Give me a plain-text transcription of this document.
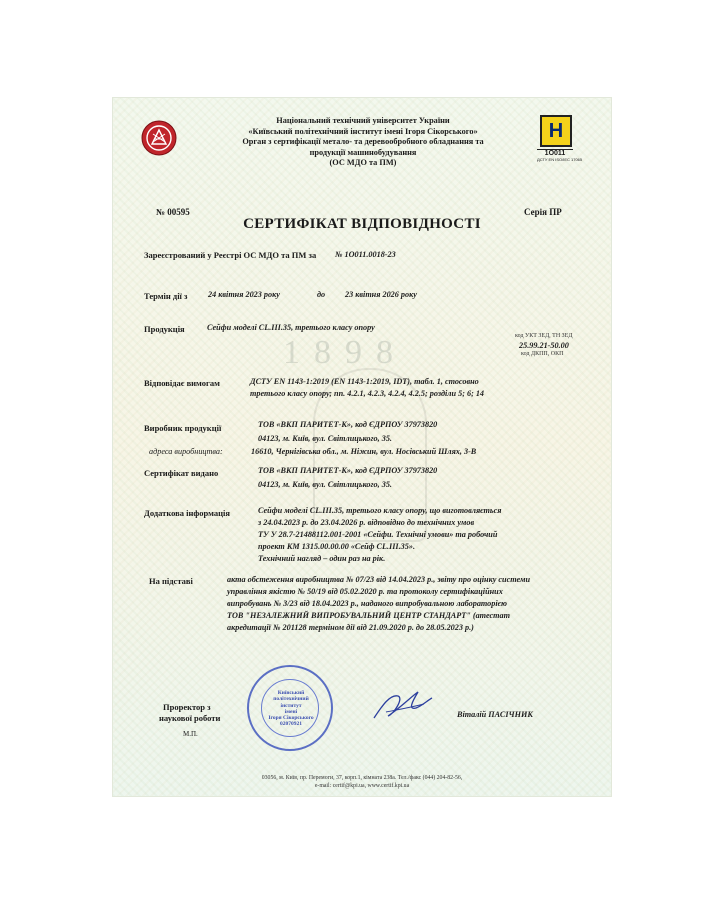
1898
Національний технічний університет України
«Київський політехнічний інститут імені Ігоря Сікорського»
Орган з сертифікації метало- та деревообробного обладнання та
продукції машинобудування
(ОС МДО та ПМ)
Н
1О011
ДСТУ EN ISO/IEC 17065
№ 00595	Серія ПР
СЕРТИФІКАТ ВІДПОВІДНОСТІ
Зареєстрований у Реєстрі ОС МДО та ПМ за № 1О011.0018-23
Термін дії з	24 квітня 2023 року	до 23 квітня 2026 року
Продукція	Сейфи моделі CL.III.35, третього класу опору
код УКТ ЗЕД, ТН ЗЕД
25.99.21-50.00
код ДКПП, ОКП
Відповідає вимогам	ДСТУ EN 1143-1:2019 (EN 1143-1:2019, IDT), табл. 1, стосовно
третього класу опору; пп. 4.2.1, 4.2.3, 4.2.4, 4.2.5; розділи 5; 6; 14
Виробник продукції	ТОВ «ВКП ПАРИТЕТ-К», код ЄДРПОУ 37973820
04123, м. Київ, вул. Світлицького, 35.
адреса виробництва:	16610, Чернігівська обл., м. Ніжин, вул. Носівський Шлях, 3-В
Сертифікат видано	ТОВ «ВКП ПАРИТЕТ-К», код ЄДРПОУ 37973820
04123, м. Київ, вул. Світлицького, 35.
Додаткова інформація	Сейфи моделі CL.III.35, третього класу опору, що виготовляється
з 24.04.2023 р. до 23.04.2026 р. відповідно до технічних умов
ТУ У 28.7-21488112.001-2001 «Сейфи. Технічні умови» та робочий
проект КМ 1315.00.00.00 «Сейф CL.III.35».
Технічний нагляд – один раз на рік.
На підставі	акта обстеження виробництва № 07/23 від 14.04.2023 р., звіту про оцінку системи
управління якістю № 50/19 від 05.02.2020 р. та протоколу сертифікаційних
випробувань № 3/23 від 18.04.2023 р., наданого випробувальною лабораторією
ТОВ "НЕЗАЛЕЖНИЙ ВИПРОБУВАЛЬНИЙ ЦЕНТР СТАНДАРТ" (атестат
акредитації № 201128 терміном дії від 21.09.2020 р. до 28.05.2023 р.)
Проректор з
наукової роботи
М.П.
Віталій ПАСІЧНИК
Київський
політехнічний
інститут
імені
Ігоря Сікорського
02070921
03056, м. Київ, пр. Перемоги, 37, корп.1, кімната 238а. Тел./факс (044) 204-82-56,
e-mail: certif@kpi.ua, www.certif.kpi.ua
